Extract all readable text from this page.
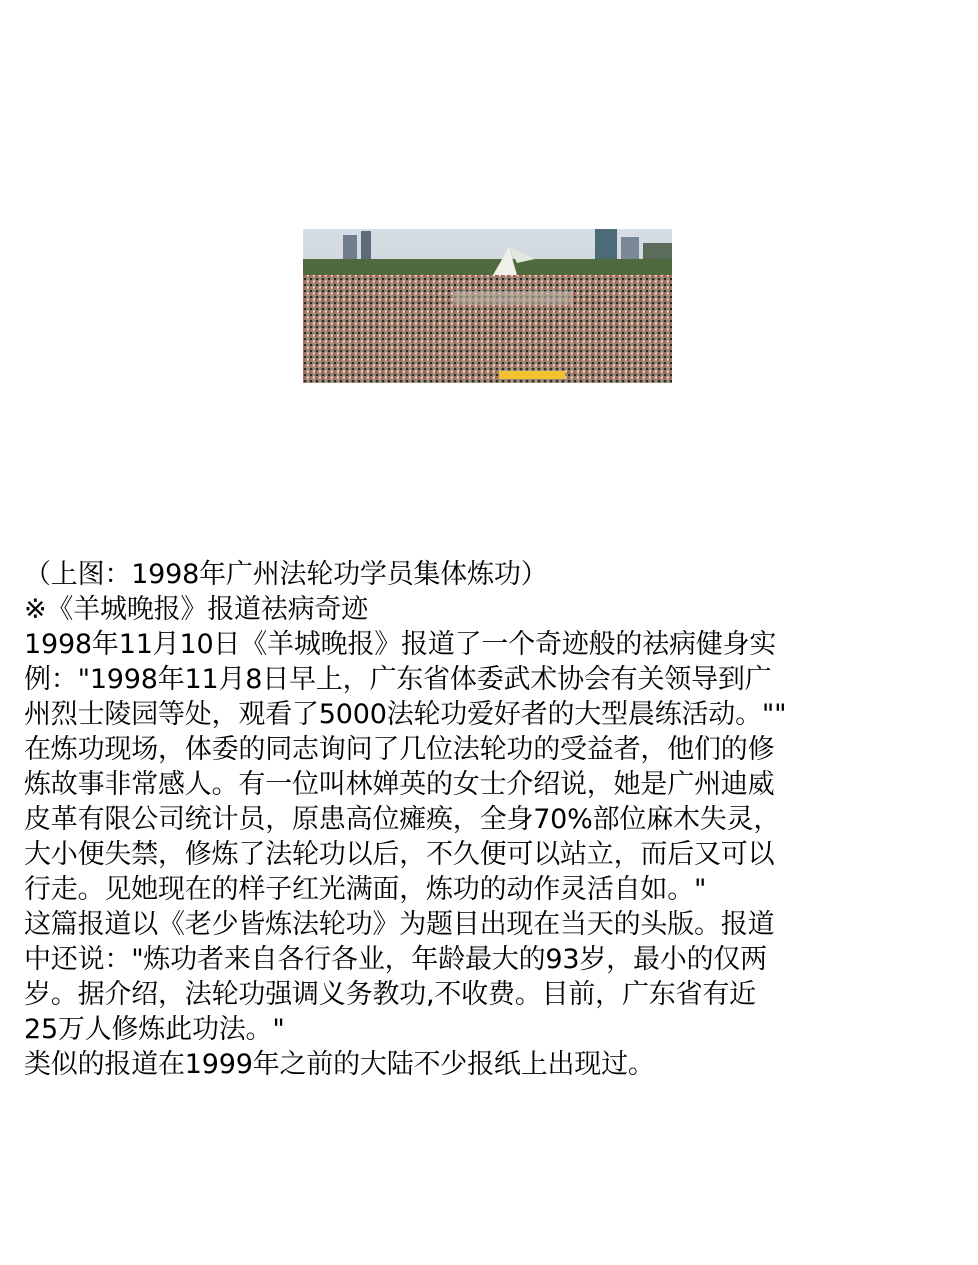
（上图：1998年广州法轮功学员集体炼功）
※《羊城晚报》报道祛病奇迹
1998年11月10日《羊城晚报》报道了一个奇迹般的祛病健身实
例："1998年11月8日早上，广东省体委武术协会有关领导到广
州烈士陵园等处，观看了5000法轮功爱好者的大型晨练活动。""
在炼功现场，体委的同志询问了几位法轮功的受益者，他们的修
炼故事非常感人。有一位叫林婵英的女士介绍说，她是广州迪威
皮革有限公司统计员，原患高位瘫痪，全身70%部位麻木失灵，
大小便失禁，修炼了法轮功以后，不久便可以站立，而后又可以
行走。见她现在的样子红光满面，炼功的动作灵活自如。"
这篇报道以《老少皆炼法轮功》为题目出现在当天的头版。报道
中还说："炼功者来自各行各业，年龄最大的93岁，最小的仅两
岁。据介绍，法轮功强调义务教功,不收费。目前，广东省有近
25万人修炼此功法。"
类似的报道在1999年之前的大陆不少报纸上出现过。
